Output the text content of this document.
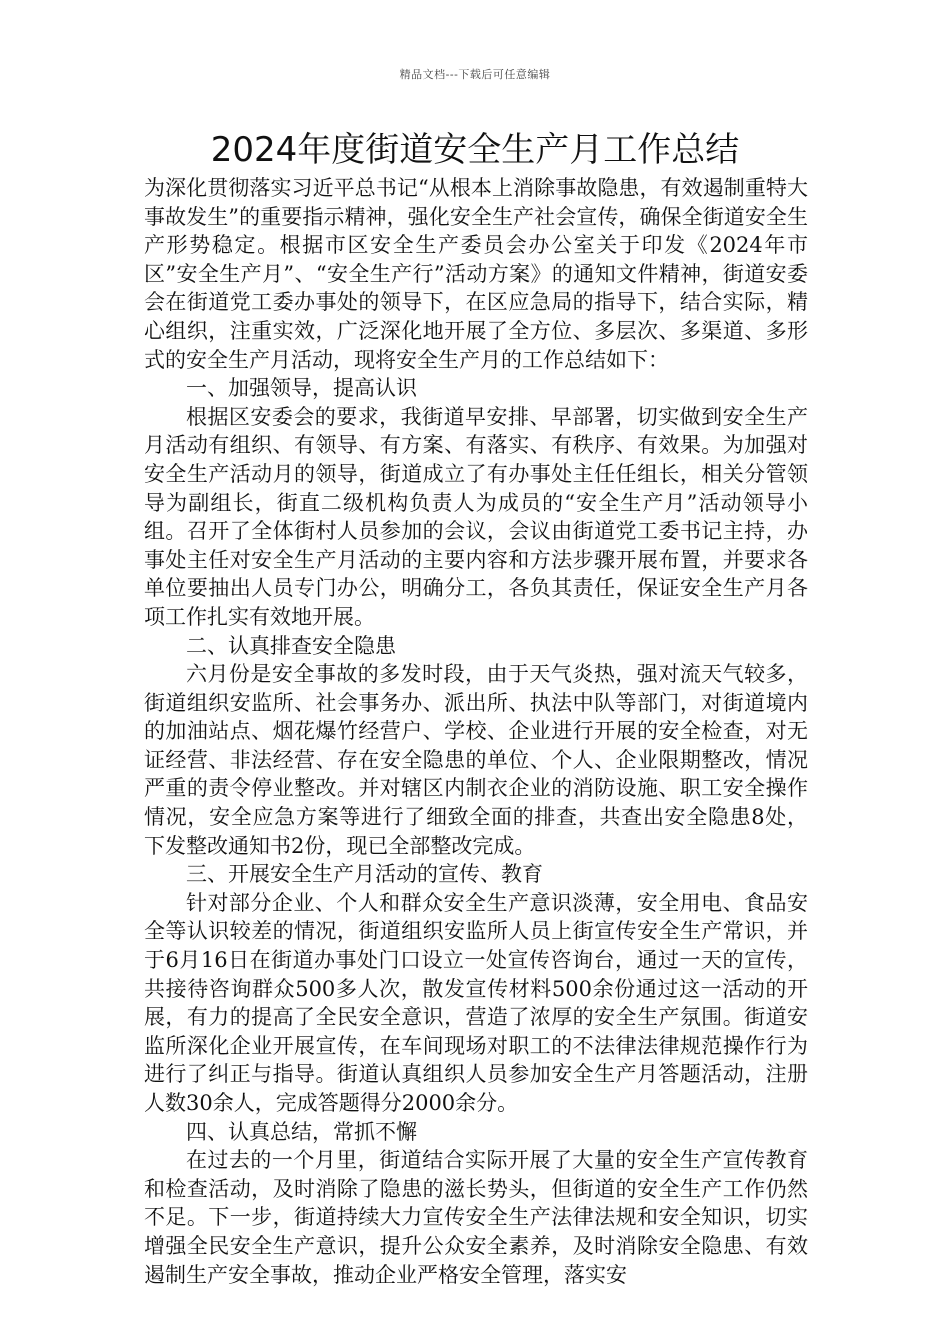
精品文档---下载后可任意编辑
2024年度街道安全生产月工作总结

为深化贯彻落实习近平总书记“从根本上消除事故隐患，有效遏制重特大事故发生”的重要指示精神，强化安全生产社会宣传，确保全街道安全生产形势稳定。根据市区安全生产委员会办公室关于印发《2024年市区”安全生产月”、“安全生产行”活动方案》的通知文件精神，街道安委会在街道党工委办事处的领导下，在区应急局的指导下，结合实际，精心组织，注重实效，广泛深化地开展了全方位、多层次、多渠道、多形式的安全生产月活动，现将安全生产月的工作总结如下：

一、加强领导，提高认识

根据区安委会的要求，我街道早安排、早部署，切实做到安全生产月活动有组织、有领导、有方案、有落实、有秩序、有效果。为加强对安全生产活动月的领导，街道成立了有办事处主任任组长，相关分管领导为副组长，街直二级机构负责人为成员的“安全生产月”活动领导小组。召开了全体街村人员参加的会议，会议由街道党工委书记主持，办事处主任对安全生产月活动的主要内容和方法步骤开展布置，并要求各单位要抽出人员专门办公，明确分工，各负其责任，保证安全生产月各项工作扎实有效地开展。

二、认真排查安全隐患

六月份是安全事故的多发时段，由于天气炎热，强对流天气较多，街道组织安监所、社会事务办、派出所、执法中队等部门，对街道境内的加油站点、烟花爆竹经营户、学校、企业进行开展的安全检查，对无证经营、非法经营、存在安全隐患的单位、个人、企业限期整改，情况严重的责令停业整改。并对辖区内制衣企业的消防设施、职工安全操作情况，安全应急方案等进行了细致全面的排查，共查出安全隐患8处，下发整改通知书2份，现已全部整改完成。

三、开展安全生产月活动的宣传、教育

针对部分企业、个人和群众安全生产意识淡薄，安全用电、食品安全等认识较差的情况，街道组织安监所人员上街宣传安全生产常识，并于6月16日在街道办事处门口设立一处宣传咨询台，通过一天的宣传，共接待咨询群众500多人次，散发宣传材料500余份通过这一活动的开展，有力的提高了全民安全意识，营造了浓厚的安全生产氛围。街道安监所深化企业开展宣传，在车间现场对职工的不法律法律规范操作行为进行了纠正与指导。街道认真组织人员参加安全生产月答题活动，注册人数30余人，完成答题得分2000余分。

四、认真总结，常抓不懈

在过去的一个月里，街道结合实际开展了大量的安全生产宣传教育和检查活动，及时消除了隐患的滋长势头，但街道的安全生产工作仍然不足。下一步，街道持续大力宣传安全生产法律法规和安全知识，切实增强全民安全生产意识，提升公众安全素养，及时消除安全隐患、有效遏制生产安全事故，推动企业严格安全管理，落实安
